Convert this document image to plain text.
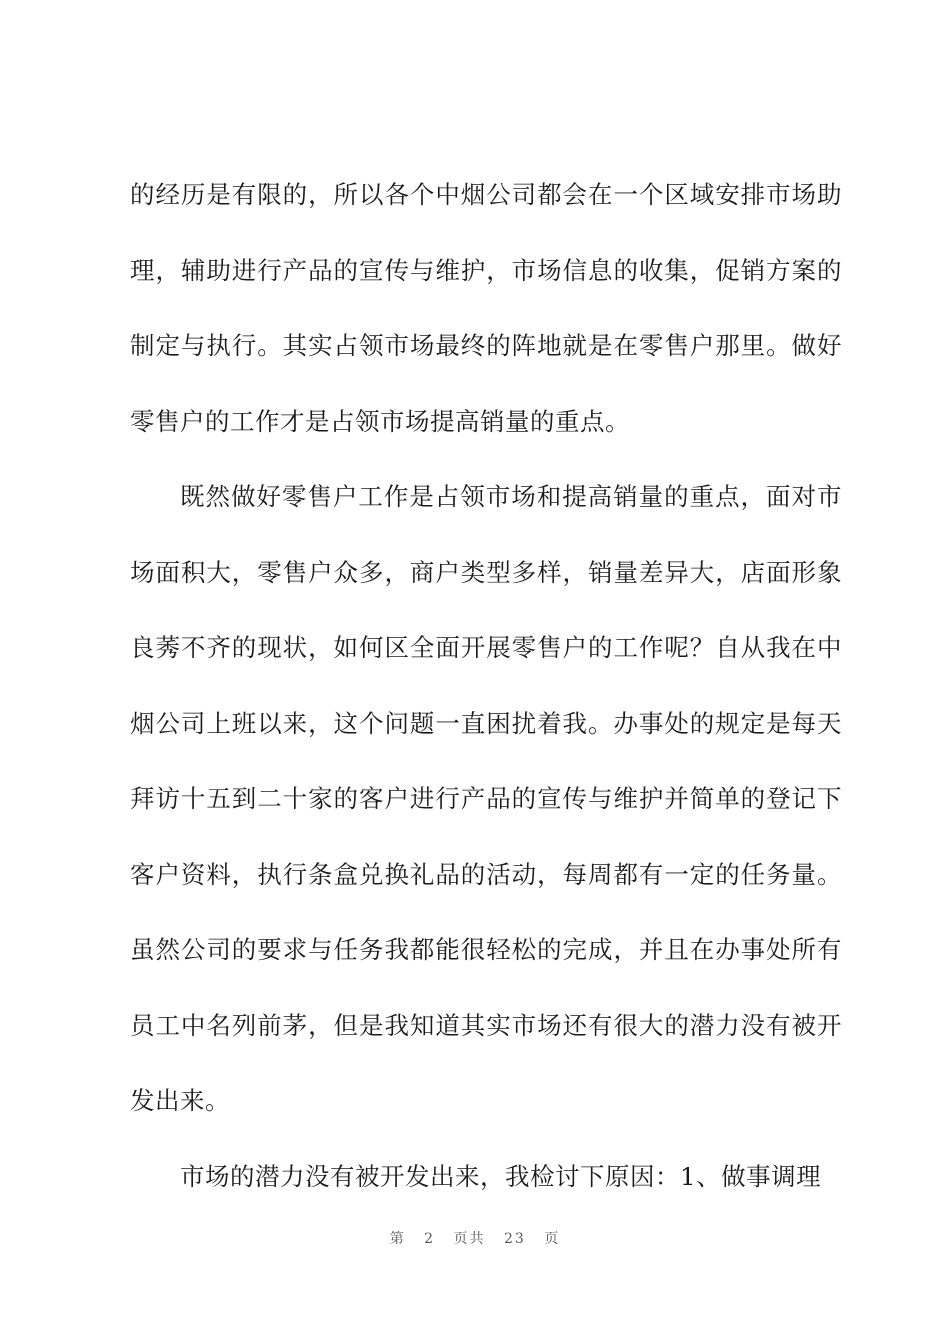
的经历是有限的，所以各个中烟公司都会在一个区域安排市场助
理，辅助进行产品的宣传与维护，市场信息的收集，促销方案的
制定与执行。其实占领市场最终的阵地就是在零售户那里。做好
零售户的工作才是占领市场提高销量的重点。
既然做好零售户工作是占领市场和提高销量的重点，面对市
场面积大，零售户众多，商户类型多样，销量差异大，店面形象
良莠不齐的现状，如何区全面开展零售户的工作呢？自从我在中
烟公司上班以来，这个问题一直困扰着我。办事处的规定是每天
拜访十五到二十家的客户进行产品的宣传与维护并简单的登记下
客户资料，执行条盒兑换礼品的活动，每周都有一定的任务量。
虽然公司的要求与任务我都能很轻松的完成，并且在办事处所有
员工中名列前茅，但是我知道其实市场还有很大的潜力没有被开
发出来。
市场的潜力没有被开发出来，我检讨下原因：1、做事调理
第 2 页共 23 页
